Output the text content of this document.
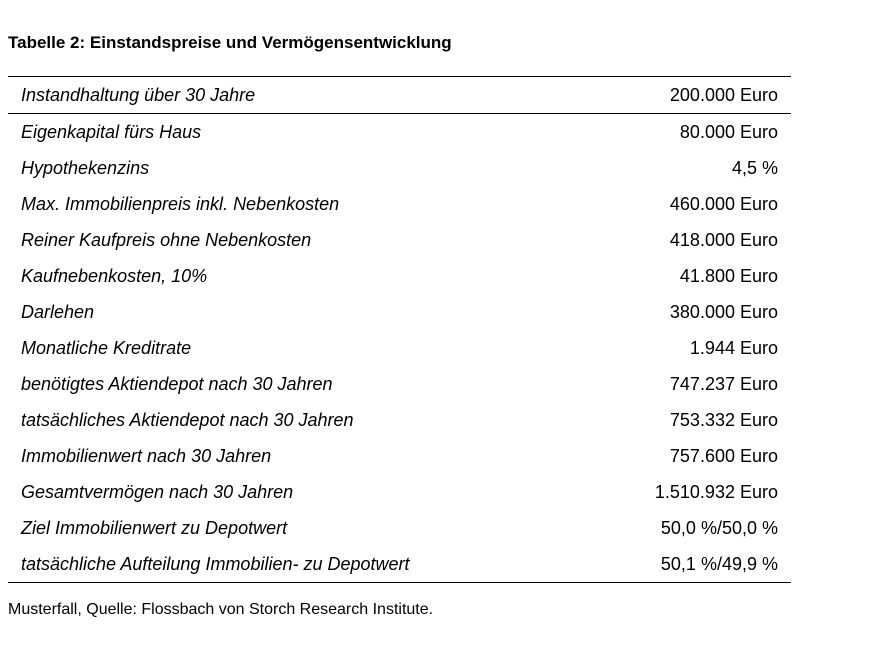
Tabelle 2: Einstandspreise und Vermögensentwicklung
Instandhaltung über 30 Jahre	200.000 Euro
Eigenkapital fürs Haus	80.000 Euro
Hypothekenzins	4,5 %
Max. Immobilienpreis inkl. Nebenkosten	460.000 Euro
Reiner Kaufpreis ohne Nebenkosten	418.000 Euro
Kaufnebenkosten, 10%	41.800 Euro
Darlehen	380.000 Euro
Monatliche Kreditrate	1.944 Euro
benötigtes Aktiendepot nach 30 Jahren	747.237 Euro
tatsächliches Aktiendepot nach 30 Jahren	753.332 Euro
Immobilienwert nach 30 Jahren	757.600 Euro
Gesamtvermögen nach 30 Jahren	1.510.932 Euro
Ziel Immobilienwert zu Depotwert	50,0 %/50,0 %
tatsächliche Aufteilung Immobilien- zu Depotwert	50,1 %/49,9 %
Musterfall, Quelle: Flossbach von Storch Research Institute.
